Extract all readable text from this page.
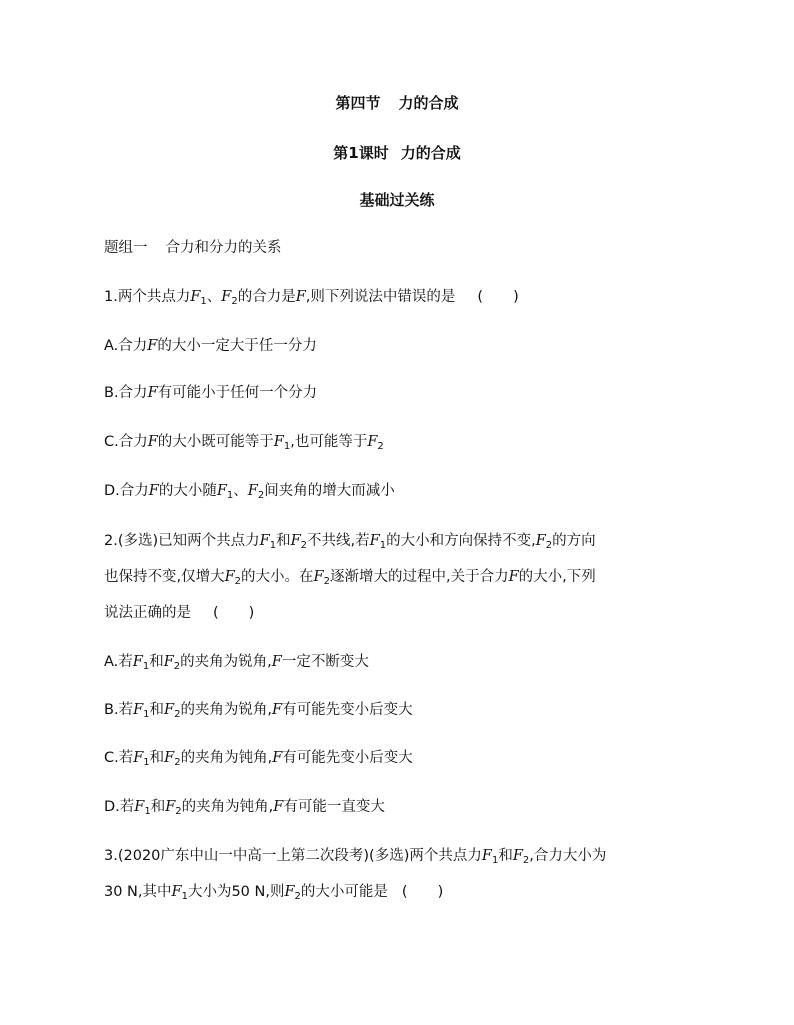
第四节 力的合成
第1课时 力的合成
基础过关练
题组一 合力和分力的关系
1.两个共点力$F_1$、$F_2$的合力是F,则下列说法中错误的是 ( )
A.合力F的大小一定大于任一分力
B.合力F有可能小于任何一个分力
C.合力F的大小既可能等于$F_1$,也可能等于$F_2$
D.合力F的大小随$F_1$、$F_2$间夹角的增大而减小
2.(多选)已知两个共点力$F_1$和$F_2$不共线,若$F_1$的大小和方向保持不变$,F_2$的方向
也保持不变,仅增大$F_2$的大小。在$F_2$逐渐增大的过程中,关于合力F的大小,下列
说法正确的是 ( )
A.若$F_1$和$F_2$的夹角为锐角,F一定不断变大
B.若$F_1$和$F_2$的夹角为锐角,F有可能先变小后变大
C.若$F_1$和$F_2$的夹角为钝角,F有可能先变小后变大
D.若$F_1$和$F_2$的夹角为钝角,F有可能一直变大
3.(2020广东中山一中高一上第二次段考)(多选)两个共点力$F_1$和$F_2$,合力大小为
30 N,其中$F_1$大小为50 N,则$F_2$的大小可能是 ( )
